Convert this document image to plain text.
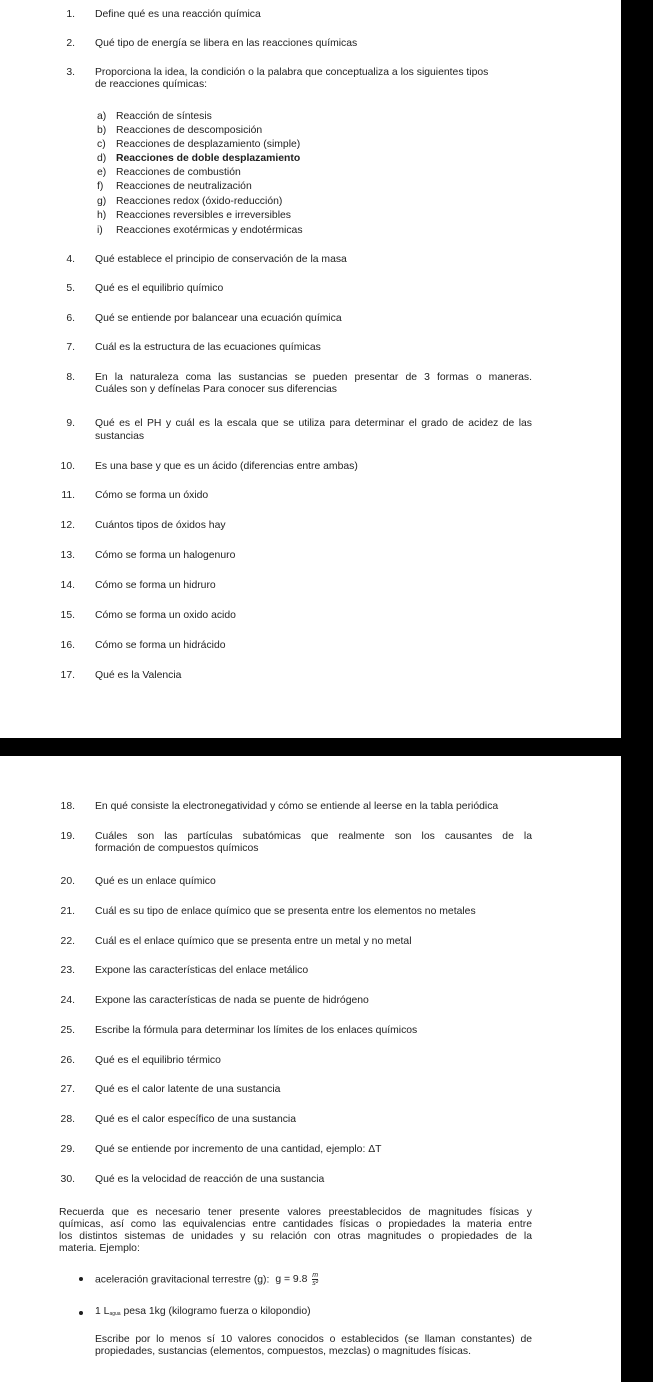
1. Define qué es una reacción química
2. Qué tipo de energía se libera en las reacciones químicas
3. Proporciona la idea, la condición o la palabra que conceptualiza a los siguientes tipos
de reacciones químicas:
a) Reacción de síntesis
b) Reacciones de descomposición
c) Reacciones de desplazamiento (simple)
d) Reacciones de doble desplazamiento
e) Reacciones de combustión
f) Reacciones de neutralización
g) Reacciones redox (óxido-reducción)
h) Reacciones reversibles e irreversibles
i) Reacciones exotérmicas y endotérmicas
4. Qué establece el principio de conservación de la masa
5. Qué es el equilibrio químico
6. Qué se entiende por balancear una ecuación química
7. Cuál es la estructura de las ecuaciones químicas
8. En la naturaleza coma las sustancias se pueden presentar de 3 formas o maneras.
Cuáles son y defínelas Para conocer sus diferencias
9. Qué es el PH y cuál es la escala que se utiliza para determinar el grado de acidez de las
sustancias
10. Es una base y que es un ácido (diferencias entre ambas)
11. Cómo se forma un óxido
12. Cuántos tipos de óxidos hay
13. Cómo se forma un halogenuro
14. Cómo se forma un hidruro
15. Cómo se forma un oxido acido
16. Cómo se forma un hidrácido
17. Qué es la Valencia
18. En qué consiste la electronegatividad y cómo se entiende al leerse en la tabla periódica
19. Cuáles son las partículas subatómicas que realmente son los causantes de la
formación de compuestos químicos
20. Qué es un enlace químico
21. Cuál es su tipo de enlace químico que se presenta entre los elementos no metales
22. Cuál es el enlace químico que se presenta entre un metal y no metal
23. Expone las características del enlace metálico
24. Expone las características de nada se puente de hidrógeno
25. Escribe la fórmula para determinar los límites de los enlaces químicos
26. Qué es el equilibrio térmico
27. Qué es el calor latente de una sustancia
28. Qué es el calor específico de una sustancia
29. Qué se entiende por incremento de una cantidad, ejemplo: ΔT
30. Qué es la velocidad de reacción de una sustancia
Recuerda que es necesario tener presente valores preestablecidos de magnitudes físicas y
químicas, así como las equivalencias entre cantidades físicas o propiedades la materia entre
los distintos sistemas de unidades y su relación con otras magnitudes o propiedades de la
materia. Ejemplo:
aceleración gravitacional terrestre (g): $g = 9.8 \frac{m}{\text{s²}}$
1 $L_{agua}$ pesa 1kg (kilogramo fuerza o kilopondio)
Escribe por lo menos sí 10 valores conocidos o establecidos (se llaman constantes) de
propiedades, sustancias (elementos, compuestos, mezclas) o magnitudes físicas.
